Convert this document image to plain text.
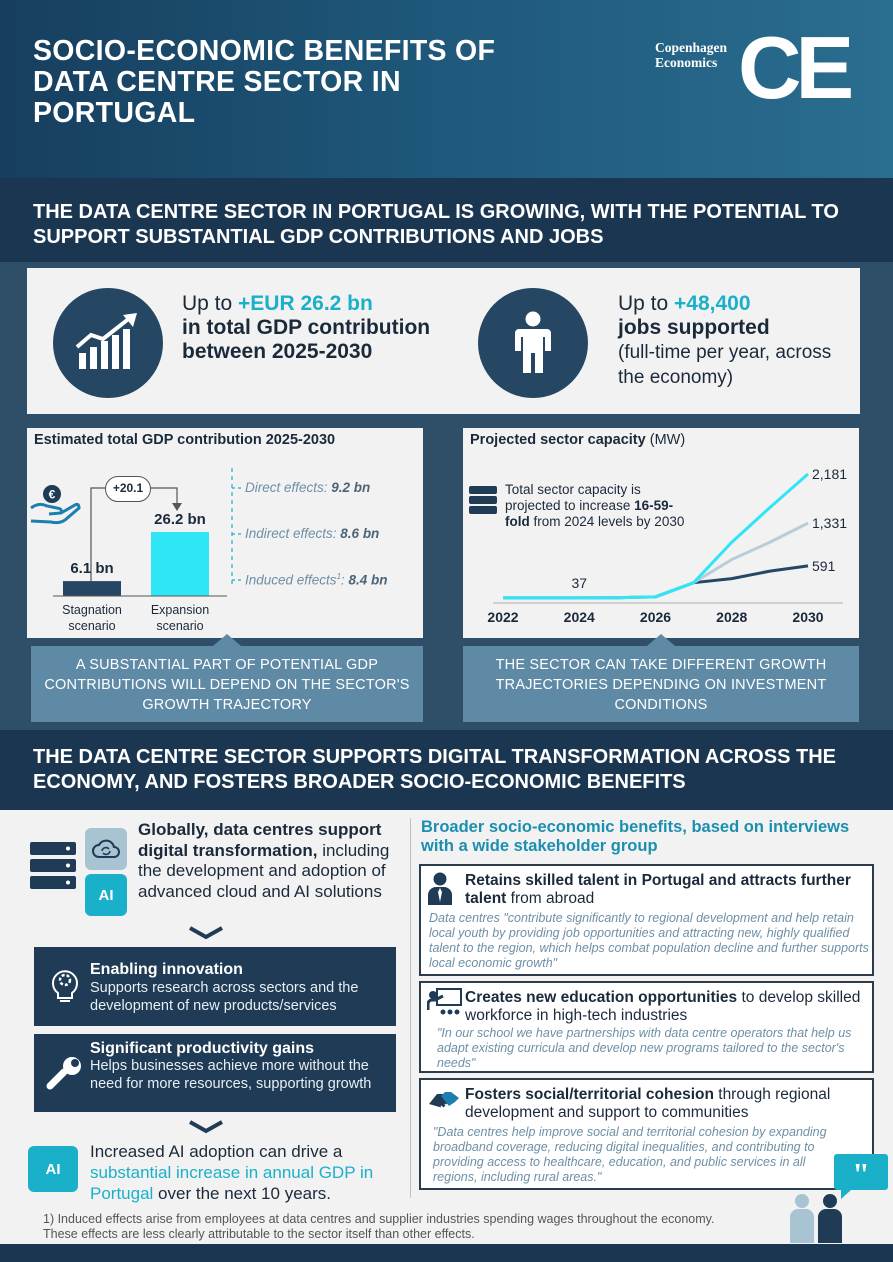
SOCIO-ECONOMIC BENEFITS OF DATA CENTRE SECTOR IN PORTUGAL
Copenhagen
Economics CE
THE DATA CENTRE SECTOR IN PORTUGAL IS GROWING, WITH THE POTENTIAL TO SUPPORT SUBSTANTIAL GDP CONTRIBUTIONS AND JOBS
Up to +EUR 26.2 bn
in total GDP contribution between 2025-2030
Up to +48,400
jobs supported
(full-time per year, across the economy)
Estimated total GDP contribution 2025-2030
€
6.1 bn
Stagnation
scenario
26.2 bn
Expansion
scenario
+20.1	Direct effects: 9.2 bn
Indirect effects: 8.6 bn
Induced effects$^1$: 8.4 bn
A SUBSTANTIAL PART OF POTENTIAL GDP CONTRIBUTIONS WILL DEPEND ON THE SECTOR'S GROWTH TRAJECTORY
Projected sector capacity (MW)
591
1,331
2,181
37
2022	2024	2026	2028	2030
Total sector capacity is projected to increase 16-59-fold from 2024 levels by 2030
THE SECTOR CAN TAKE DIFFERENT GROWTH TRAJECTORIES DEPENDING ON INVESTMENT CONDITIONS
THE DATA CENTRE SECTOR SUPPORTS DIGITAL TRANSFORMATION ACROSS THE ECONOMY, AND FOSTERS BROADER SOCIO-ECONOMIC BENEFITS
AI
Globally, data centres support digital transformation, including the development and adoption of advanced cloud and AI solutions
Enabling innovation
Supports research across sectors and the development of new products/services
Significant productivity gains
Helps businesses achieve more without the need for more resources, supporting growth
AI
Increased AI adoption can drive a substantial increase in annual GDP in Portugal over the next 10 years.
Broader socio-economic benefits, based on interviews with a wide stakeholder group
Retains skilled talent in Portugal and attracts further talent from abroad
Data centres "contribute significantly to regional development and help retain local youth by providing job opportunities and attracting new, highly qualified talent to the region, which helps combat population decline and further supports local economic growth"
Creates new education opportunities to develop skilled workforce in high-tech industries
"In our school we have partnerships with data centre operators that help us adapt existing curricula and develop new programs tailored to the sector's needs"
Fosters social/territorial cohesion through regional development and support to communities
"Data centres help improve social and territorial cohesion by expanding broadband coverage, reducing digital inequalities, and contributing to providing access to healthcare, education, and public services in all regions, including rural areas."	"
1) Induced effects arise from employees at data centres and supplier industries spending wages throughout the economy. These effects are less clearly attributable to the sector itself than other effects.
